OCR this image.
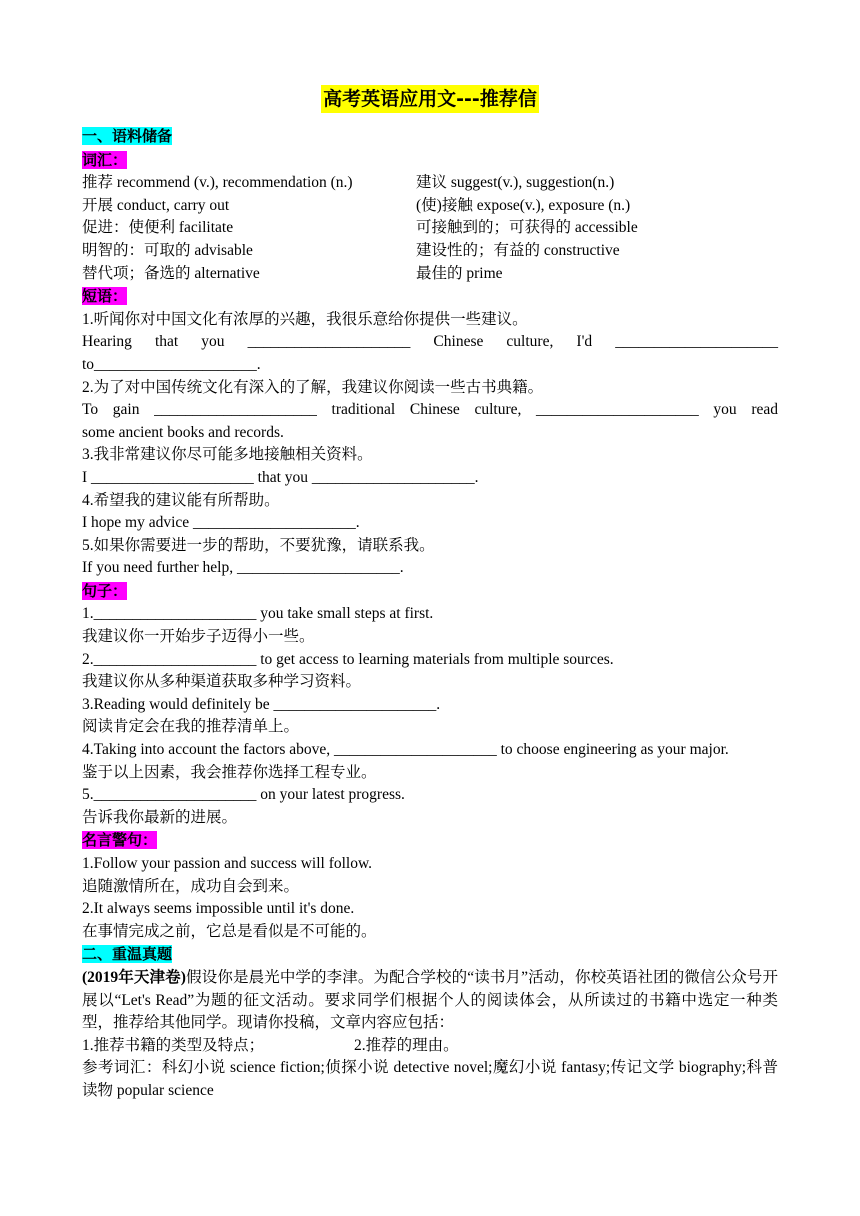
高考英语应用文---推荐信
一、语料储备
词汇：
推荐 recommend (v.), recommendation (n.)	建议 suggest(v.), suggestion(n.)
开展 conduct, carry out	(使)接触 expose(v.), exposure (n.)
促进：使便利 facilitate	可接触到的；可获得的 accessible
明智的：可取的 advisable	建设性的；有益的 constructive
替代项；备选的 alternative	最佳的 prime
短语：
1.听闻你对中国文化有浓厚的兴趣，我很乐意给你提供一些建议。
Hearing that you _____________________ Chinese culture, I'd _____________________
to_____________________.
2.为了对中国传统文化有深入的了解，我建议你阅读一些古书典籍。
To gain _____________________ traditional Chinese culture, _____________________ you read
some ancient books and records.
3.我非常建议你尽可能多地接触相关资料。
I _____________________ that you _____________________.
4.希望我的建议能有所帮助。
I hope my advice _____________________.
5.如果你需要进一步的帮助，不要犹豫，请联系我。
If you need further help, _____________________.
句子：
1._____________________ you take small steps at first.
我建议你一开始步子迈得小一些。
2._____________________ to get access to learning materials from multiple sources.
我建议你从多种渠道获取多种学习资料。
3.Reading would definitely be _____________________.
阅读肯定会在我的推荐清单上。
4.Taking into account the factors above, _____________________ to choose engineering as your major.
鉴于以上因素，我会推荐你选择工程专业。
5._____________________ on your latest progress.
告诉我你最新的进展。
名言警句：
1.Follow your passion and success will follow.
追随激情所在，成功自会到来。
2.It always seems impossible until it's done.
在事情完成之前，它总是看似是不可能的。
二、重温真题
(2019年天津卷)假设你是晨光中学的李津。为配合学校的“读书月”活动，你校英语社团的微信公众号开展以“Let's Read”为题的征文活动。要求同学们根据个人的阅读体会，从所读过的书籍中选定一种类型，推荐给其他同学。现请你投稿，文章内容应包括：
1.推荐书籍的类型及特点；	2.推荐的理由。
参考词汇：科幻小说 science fiction;侦探小说 detective novel;魔幻小说 fantasy;传记文学 biography;科普读物 popular science
